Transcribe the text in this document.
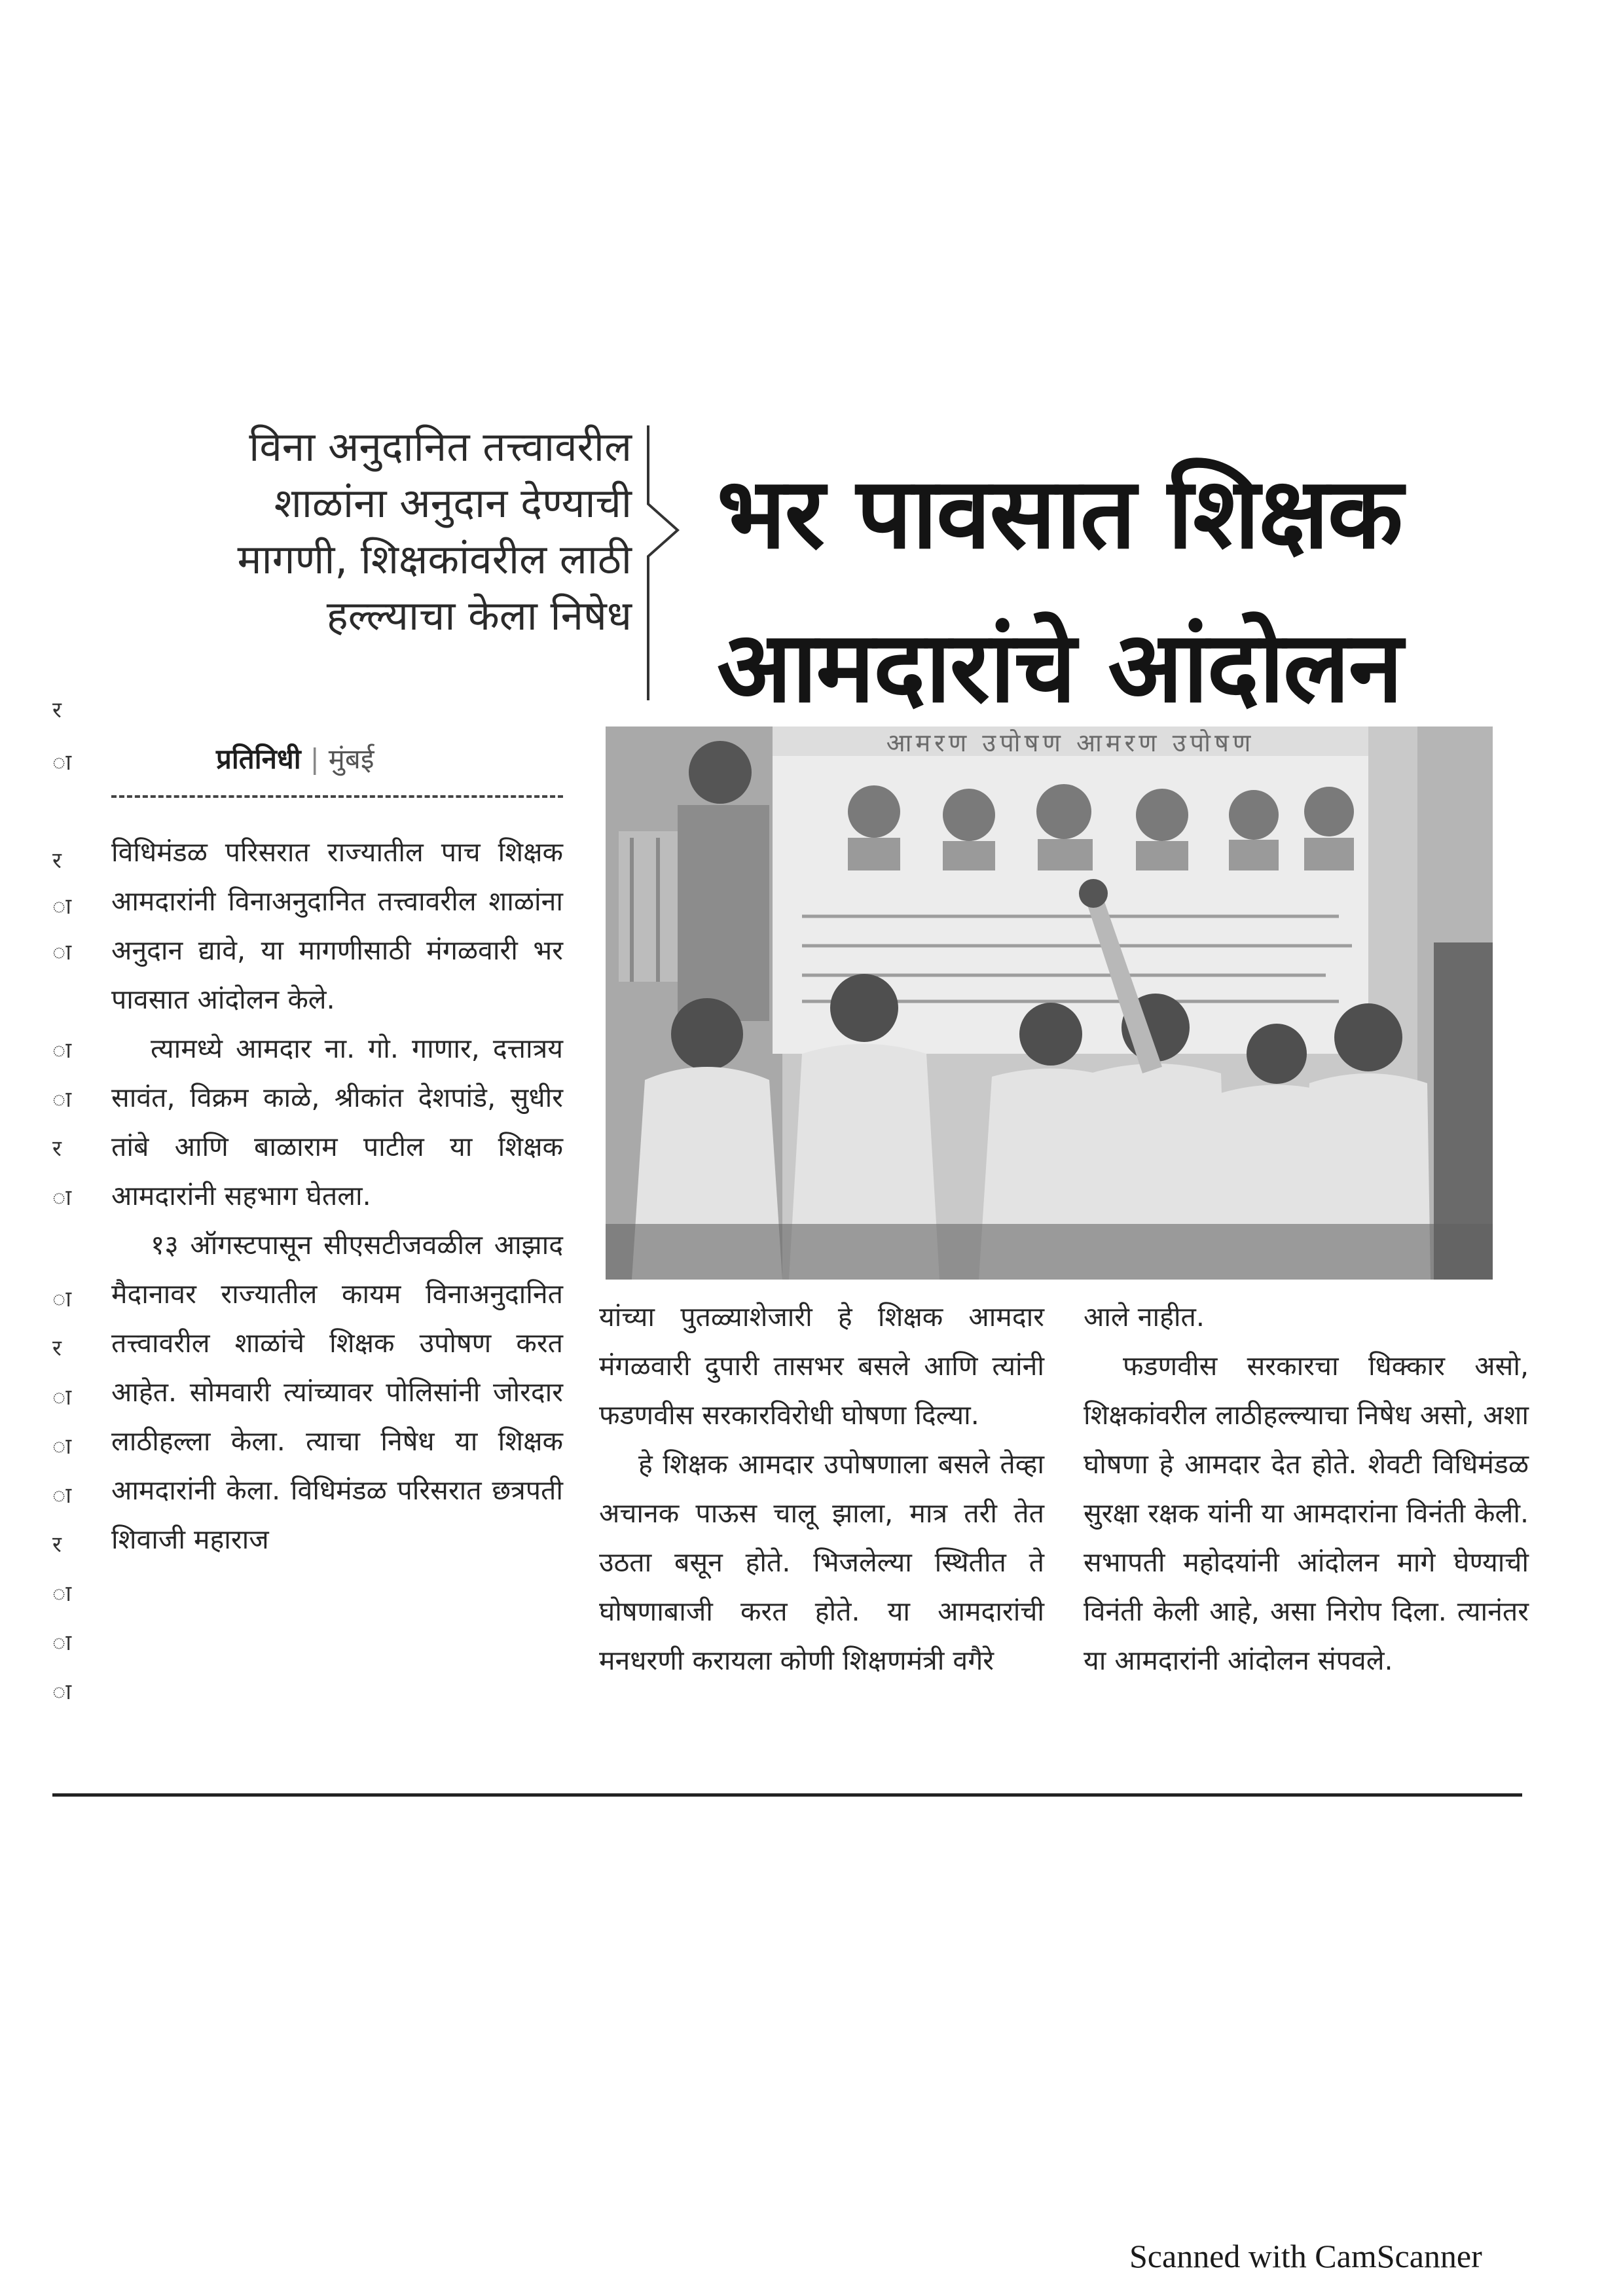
विना अनुदानित तत्त्वावरील
शाळांना अनुदान देण्याची
मागणी, शिक्षकांवरील लाठी
हल्ल्याचा केला निषेध
भर पावसात शिक्षक
आमदारांचे आंदोलन
प्रतिनिधी | मुंबई

विधिमंडळ परिसरात राज्यातील पाच शिक्षक आमदारांनी विनाअनुदानित तत्त्वावरील शाळांना अनुदान द्यावे, या मागणीसाठी मंगळवारी भर पावसात आंदोलन केले.

त्यामध्ये आमदार ना. गो. गाणार, दत्तात्रय सावंत, विक्रम काळे, श्रीकांत देशपांडे, सुधीर तांबे आणि बाळाराम पाटील या शिक्षक आमदारांनी सहभाग घेतला.

१३ ऑगस्टपासून सीएसटीजवळील आझाद मैदानावर राज्यातील कायम विनाअनुदानित तत्त्वावरील शाळांचे शिक्षक उपोषण करत आहेत. सोमवारी त्यांच्यावर पोलिसांनी जोरदार लाठीहल्ला केला. त्याचा निषेध या शिक्षक आमदारांनी केला. विधिमंडळ परिसरात छत्रपती शिवाजी महाराज

आमरण उपोषण आमरण उपोषण

यांच्या पुतळ्याशेजारी हे शिक्षक आमदार मंगळवारी दुपारी तासभर बसले आणि त्यांनी फडणवीस सरकारविरोधी घोषणा दिल्या.

हे शिक्षक आमदार उपोषणाला बसले तेव्हा अचानक पाऊस चालू झाला, मात्र तरी तेत उठता बसून होते. भिजलेल्या स्थितीत ते घोषणाबाजी करत होते. या आमदारांची मनधरणी करायला कोणी शिक्षणमंत्री वगैरे

आले नाहीत.

फडणवीस सरकारचा धिक्कार असो, शिक्षकांवरील लाठीहल्ल्याचा निषेध असो, अशा घोषणा हे आमदार देत होते. शेवटी विधिमंडळ सुरक्षा रक्षक यांनी या आमदारांना विनंती केली. सभापती महोदयांनी आंदोलन मागे घेण्याची विनंती केली आहे, असा निरोप दिला. त्यानंतर या आमदारांनी आंदोलन संपवले.

र
ा
र
ा
ा
ा
ा
र
ा
ा
र
ा
ा
ा
र
ा
ा
ा
Scanned with CamScanner
